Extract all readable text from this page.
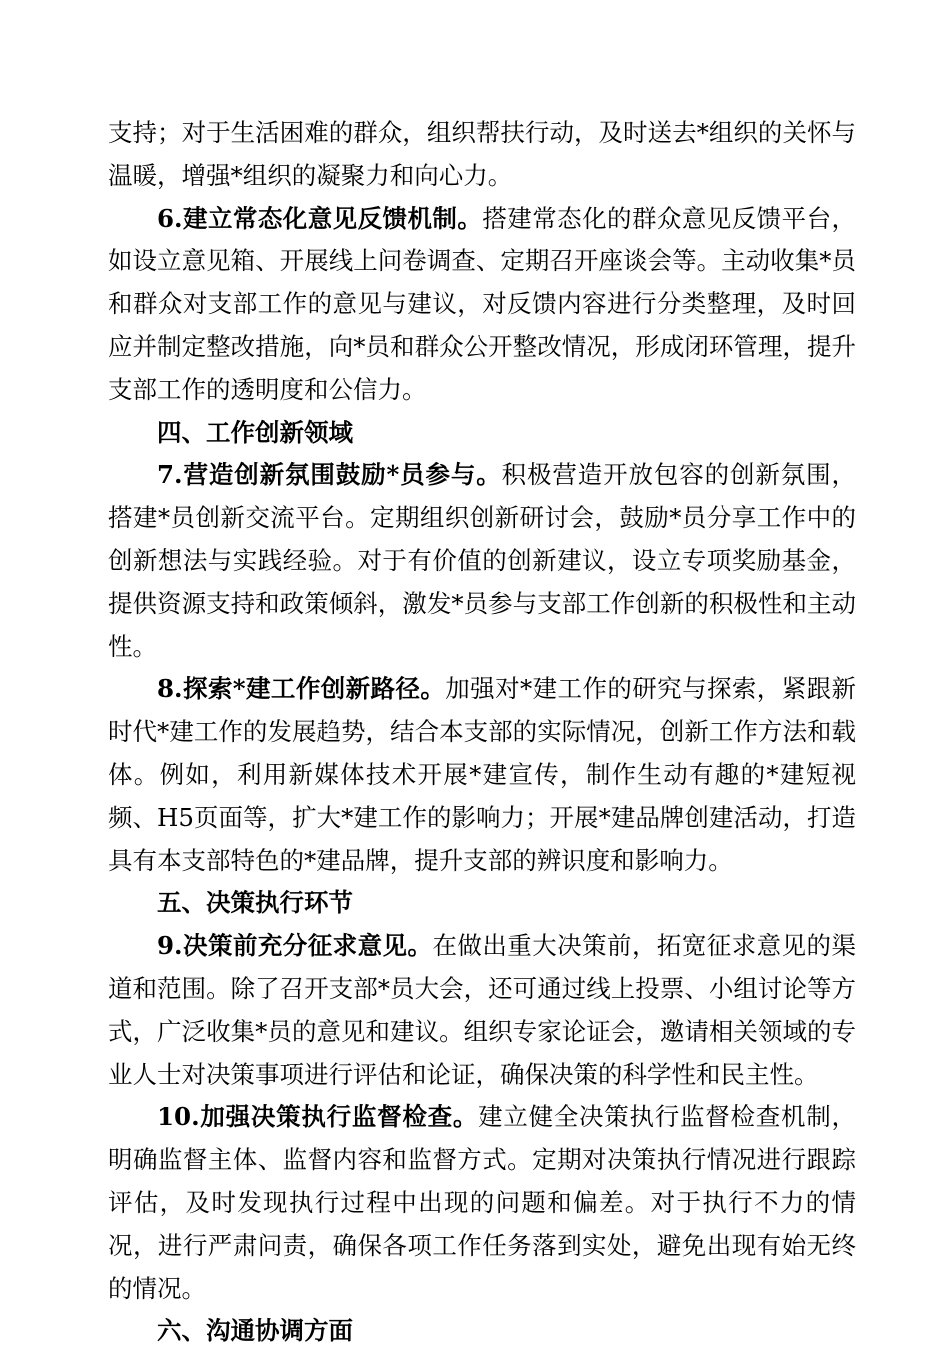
支持；对于生活困难的群众，组织帮扶行动，及时送去*组织的关怀与温暖，增强*组织的凝聚力和向心力。

6.建立常态化意见反馈机制。搭建常态化的群众意见反馈平台，如设立意见箱、开展线上问卷调查、定期召开座谈会等。主动收集*员和群众对支部工作的意见与建议，对反馈内容进行分类整理，及时回应并制定整改措施，向*员和群众公开整改情况，形成闭环管理，提升支部工作的透明度和公信力。

四、工作创新领域

7.营造创新氛围鼓励*员参与。积极营造开放包容的创新氛围，搭建*员创新交流平台。定期组织创新研讨会，鼓励*员分享工作中的创新想法与实践经验。对于有价值的创新建议，设立专项奖励基金，提供资源支持和政策倾斜，激发*员参与支部工作创新的积极性和主动性。

8.探索*建工作创新路径。加强对*建工作的研究与探索，紧跟新时代*建工作的发展趋势，结合本支部的实际情况，创新工作方法和载体。例如，利用新媒体技术开展*建宣传，制作生动有趣的*建短视频、H5页面等，扩大*建工作的影响力；开展*建品牌创建活动，打造具有本支部特色的*建品牌，提升支部的辨识度和影响力。

五、决策执行环节

9.决策前充分征求意见。在做出重大决策前，拓宽征求意见的渠道和范围。除了召开支部*员大会，还可通过线上投票、小组讨论等方式，广泛收集*员的意见和建议。组织专家论证会，邀请相关领域的专业人士对决策事项进行评估和论证，确保决策的科学性和民主性。

10.加强决策执行监督检查。建立健全决策执行监督检查机制，明确监督主体、监督内容和监督方式。定期对决策执行情况进行跟踪评估，及时发现执行过程中出现的问题和偏差。对于执行不力的情况，进行严肃问责，确保各项工作任务落到实处，避免出现有始无终的情况。

六、沟通协调方面
